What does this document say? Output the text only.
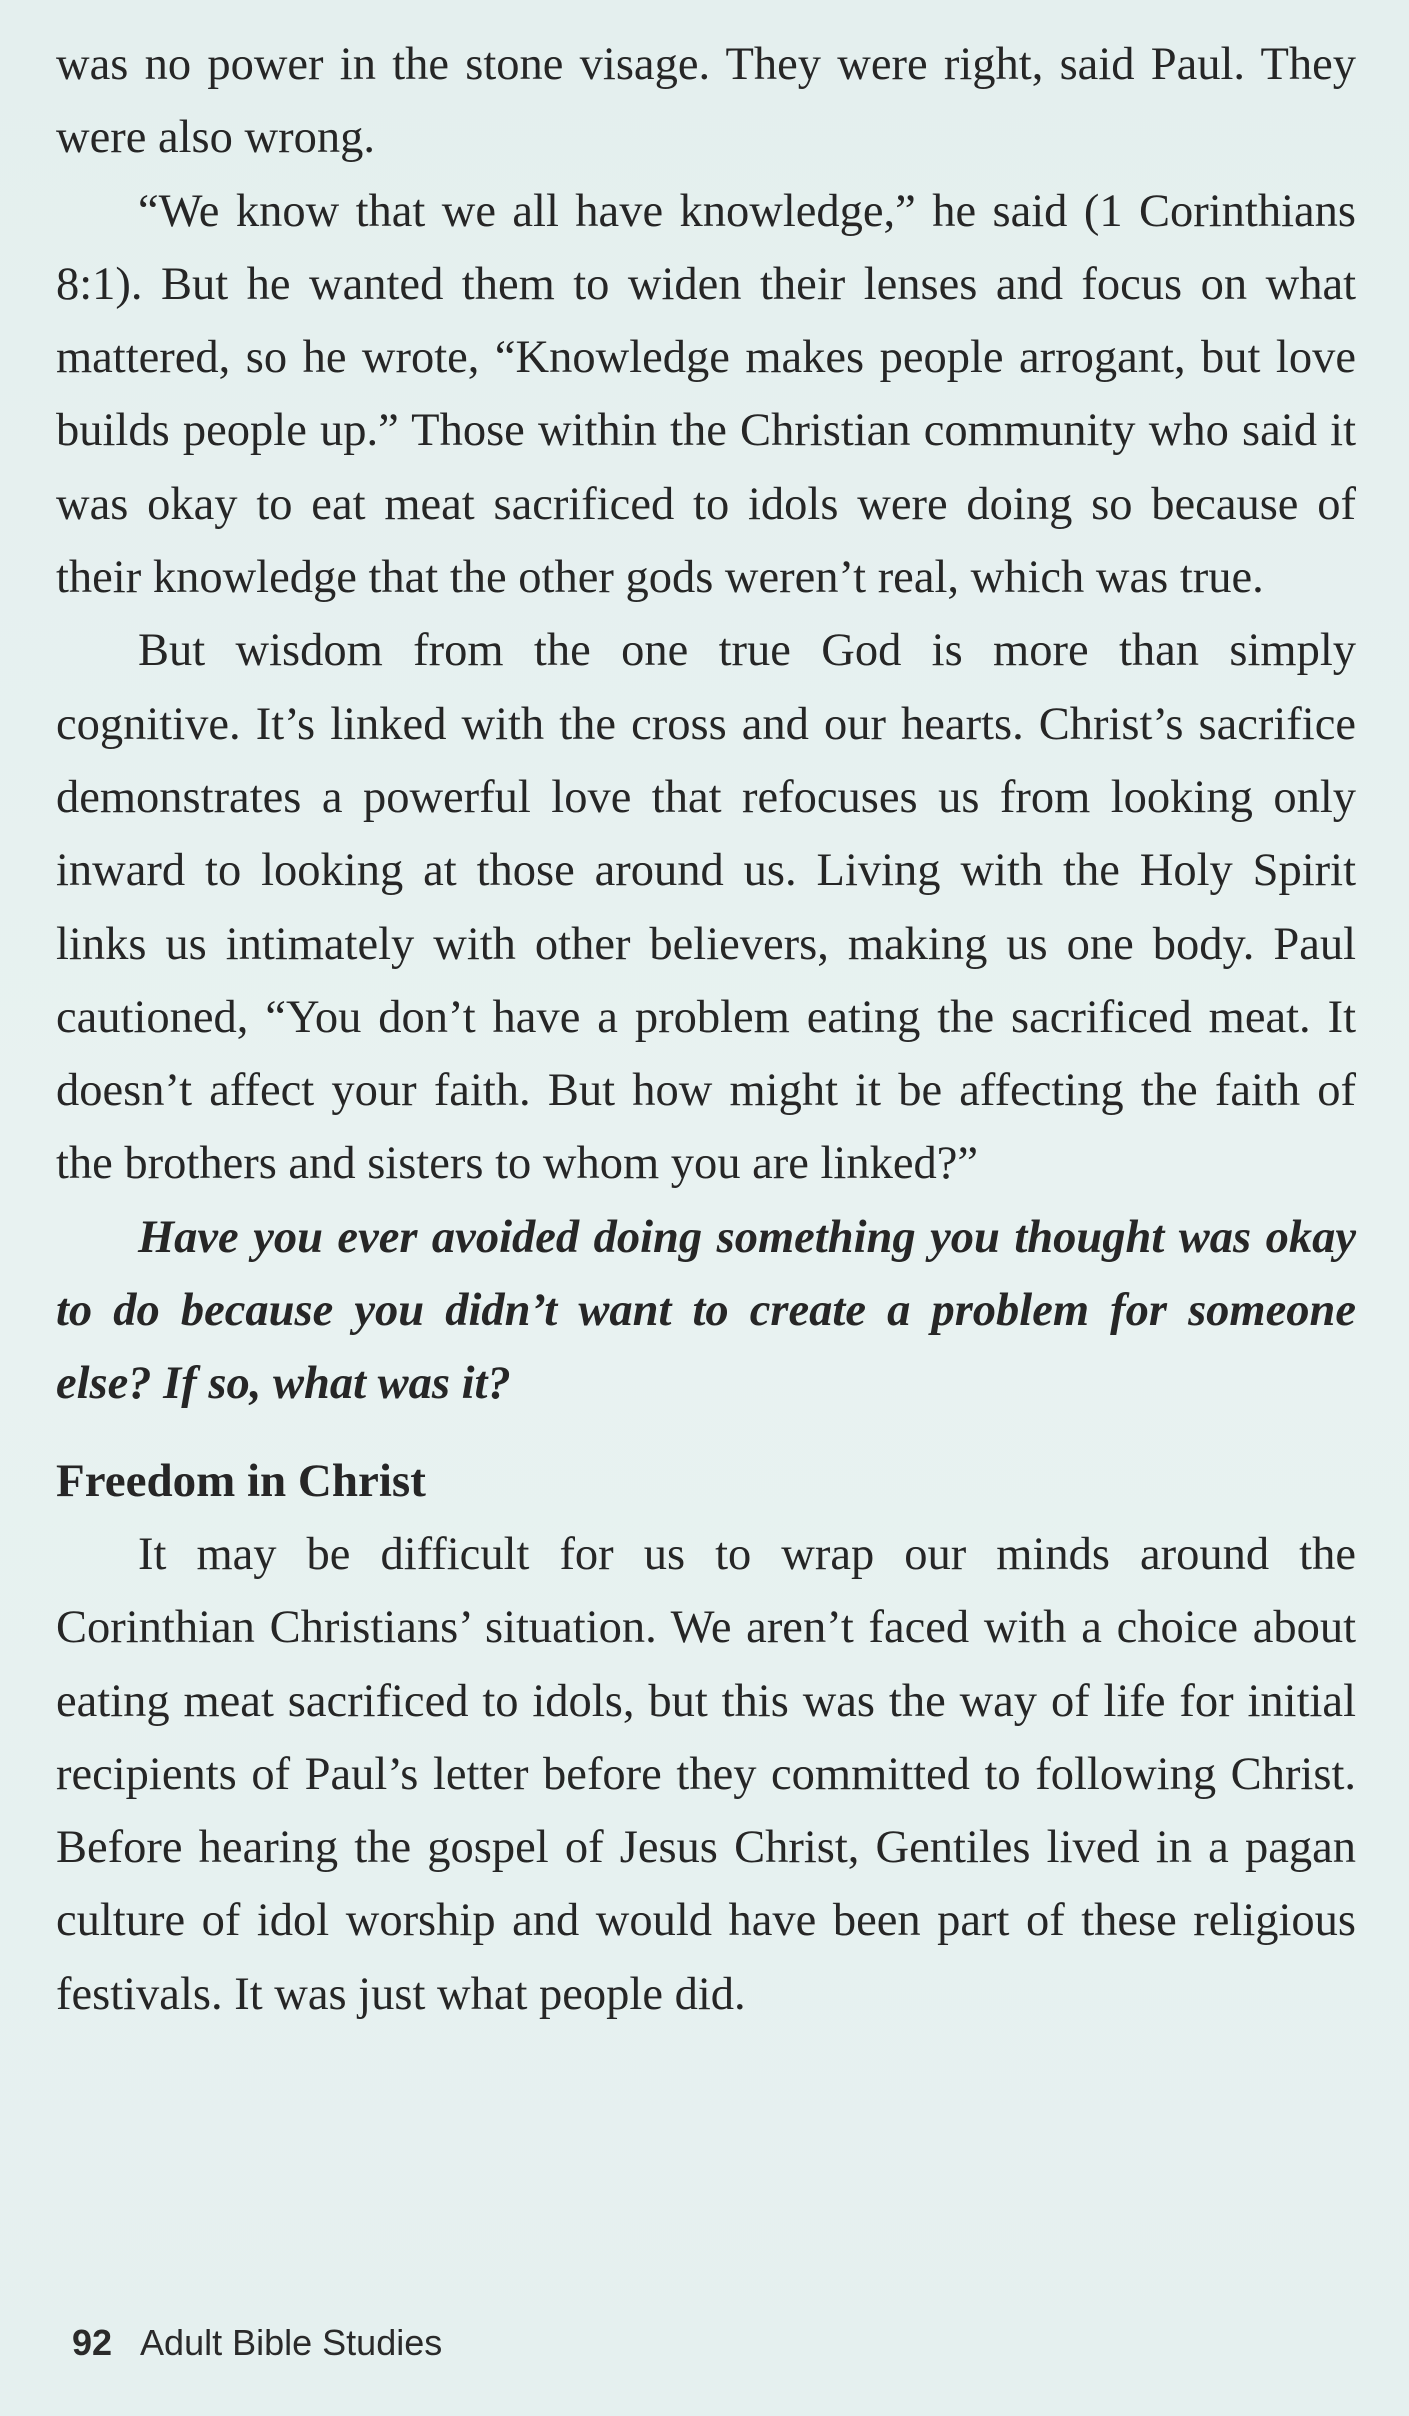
was no power in the stone visage. They were right, said Paul. They were also wrong.

“We know that we all have knowledge,” he said (1 Corinthians 8:1). But he wanted them to widen their lenses and focus on what mattered, so he wrote, “Knowledge makes people arrogant, but love builds people up.” Those within the Christian community who said it was okay to eat meat sacrificed to idols were doing so because of their knowledge that the other gods weren’t real, which was true.

But wisdom from the one true God is more than simply cognitive. It’s linked with the cross and our hearts. Christ’s sacrifice demonstrates a powerful love that refocuses us from looking only inward to looking at those around us. Living with the Holy Spirit links us intimately with other believers, making us one body. Paul cautioned, “You don’t have a problem eating the sacrificed meat. It doesn’t affect your faith. But how might it be affecting the faith of the brothers and sisters to whom you are linked?”

Have you ever avoided doing something you thought was okay to do because you didn’t want to create a problem for someone else? If so, what was it?

Freedom in Christ

It may be difficult for us to wrap our minds around the Corinthian Christians’ situation. We aren’t faced with a choice about eating meat sacrificed to idols, but this was the way of life for initial recipients of Paul’s letter before they committed to following Christ. Before hearing the gospel of Jesus Christ, Gentiles lived in a pagan culture of idol worship and would have been part of these religious festivals. It was just what people did.

92 Adult Bible Studies
